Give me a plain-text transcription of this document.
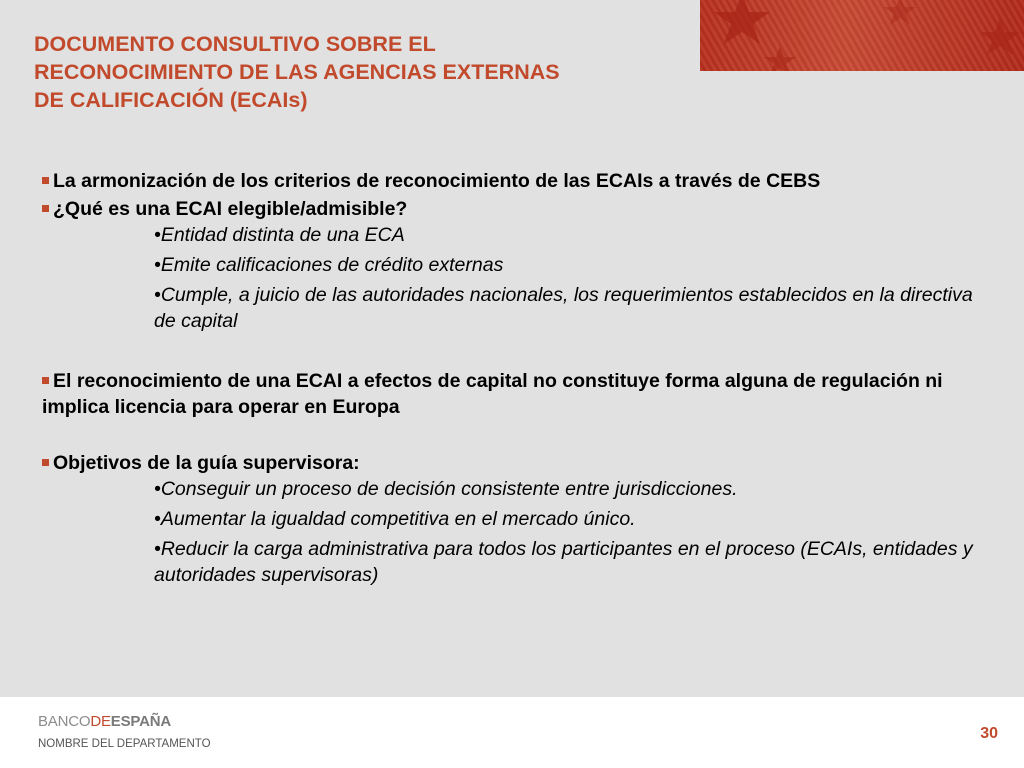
DOCUMENTO CONSULTIVO SOBRE EL
RECONOCIMIENTO DE LAS AGENCIAS EXTERNAS
DE CALIFICACIÓN (ECAIs)

La armonización de los criterios de reconocimiento de las ECAIs a través de CEBS

¿Qué es una ECAI elegible/admisible?

•Entidad distinta de una ECA

•Emite calificaciones de crédito externas

•Cumple, a juicio de las autoridades nacionales, los requerimientos establecidos en la directiva de capital

El reconocimiento de una ECAI a efectos de capital no constituye forma alguna de regulación ni implica licencia para operar en Europa

Objetivos de la guía supervisora:

•Conseguir un proceso de decisión consistente entre jurisdicciones.

•Aumentar la igualdad competitiva en el mercado único.

•Reducir la carga administrativa para todos los participantes en el proceso (ECAIs, entidades y autoridades supervisoras)

BANCODEESPAÑA
NOMBRE DEL DEPARTAMENTO
30
